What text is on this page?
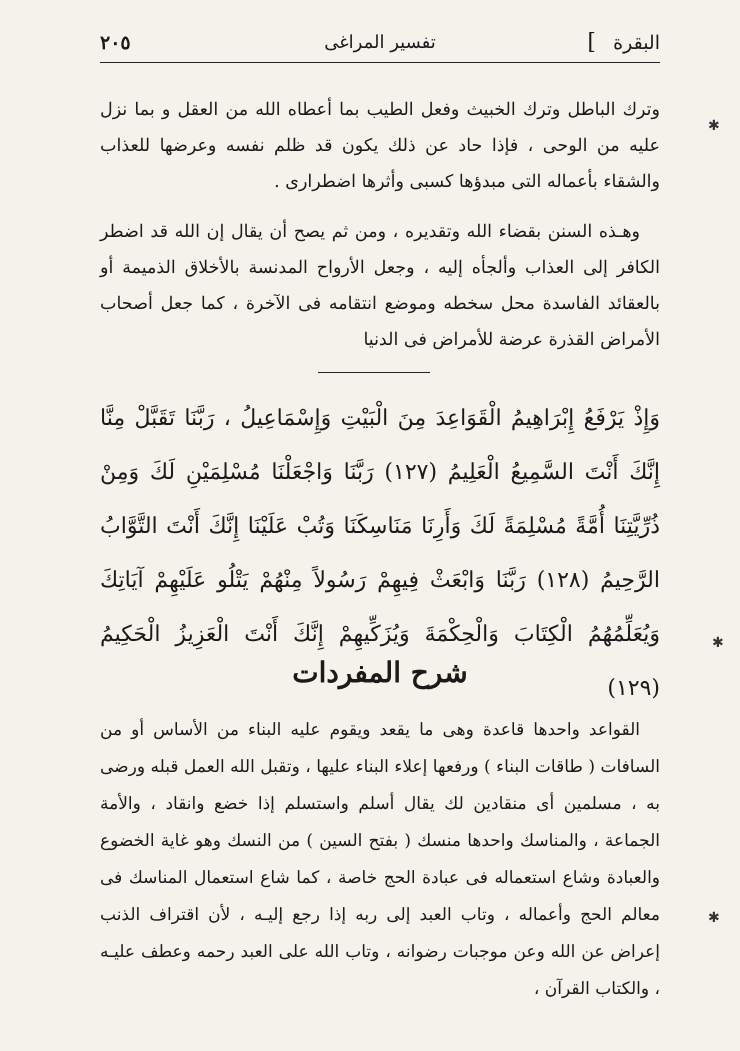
البقرة
]
تفسير المراغى
٢٠٥

وترك الباطل وترك الخبيث وفعل الطيب بما أعطاه الله من العقل و بما نزل عليه من الوحى ، فإذا حاد عن ذلك يكون قد ظلم نفسه وعرضها للعذاب والشقاء بأعماله التى مبدؤها كسبى وأثرها اضطرارى .

وهـذه السنن بقضاء الله وتقديره ، ومن ثم يصح أن يقال إن الله قد اضطر الكافر إلى العذاب وألجأه إليه ، وجعل الأرواح المدنسة بالأخلاق الذميمة أو بالعقائد الفاسدة محل سخطه وموضع انتقامه فى الآخرة ، كما جعل أصحاب الأمراض القذرة عرضة للأمراض فى الدنيا

وَإِذْ يَرْفَعُ إِبْرَاهِيمُ الْقَوَاعِدَ مِنَ الْبَيْتِ وَإِسْمَاعِيلُ ، رَبَّنَا تَقَبَّلْ مِنَّا إِنَّكَ أَنْتَ السَّمِيعُ الْعَلِيمُ (١٢٧) رَبَّنَا وَاجْعَلْنَا مُسْلِمَيْنِ لَكَ وَمِنْ ذُرِّيَّتِنَا أُمَّةً مُسْلِمَةً لَكَ وَأَرِنَا مَنَاسِكَنَا وَتُبْ عَلَيْنَا إِنَّكَ أَنْتَ التَّوَّابُ الرَّحِيمُ (١٢٨) رَبَّنَا وَابْعَثْ فِيهِمْ رَسُولاً مِنْهُمْ يَتْلُو عَلَيْهِمْ آيَاتِكَ وَيُعَلِّمُهُمُ الْكِتَابَ وَالْحِكْمَةَ وَيُزَكِّيهِمْ إِنَّكَ أَنْتَ الْعَزِيزُ الْحَكِيمُ (١٢٩)

شرح المفردات

القواعد واحدها قاعدة وهى ما يقعد ويقوم عليه البناء من الأساس أو من السافات ( طاقات البناء ) ورفعها إعلاء البناء عليها ، وتقبل الله العمل قبله ورضى به ، مسلمين أى منقادين لك يقال أسلم واستسلم إذا خضع وانقاد ، والأمة الجماعة ، والمناسك واحدها منسك ( بفتح السين ) من النسك وهو غاية الخضوع والعبادة وشاع استعماله فى عبادة الحج خاصة ، كما شاع استعمال المناسك فى معالم الحج وأعماله ، وتاب العبد إلى ربه إذا رجع إليـه ، لأن اقتراف الذنب إعراض عن الله وعن موجبات رضوانه ، وتاب الله على العبد رحمه وعطف عليـه ، والكتاب القرآن ،

✱
✱
✱
